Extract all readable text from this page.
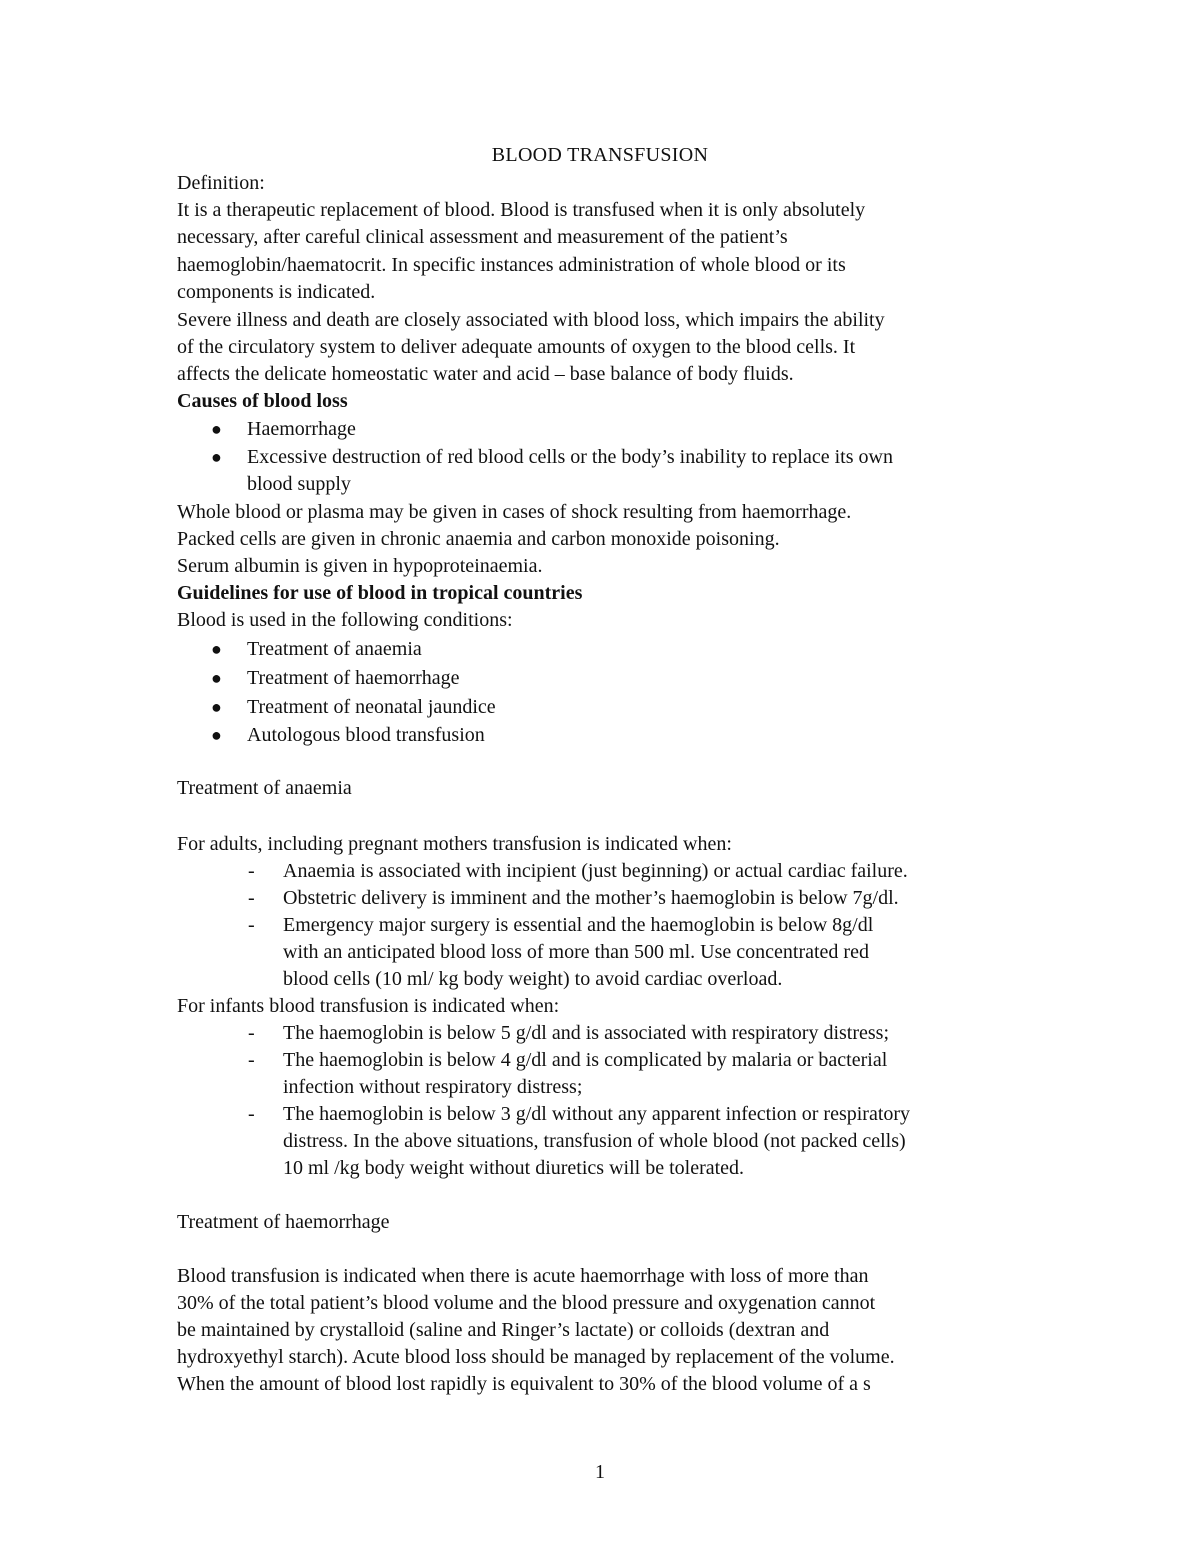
BLOOD TRANSFUSION
Definition:
It is a therapeutic replacement of blood. Blood is transfused when it is only absolutely
necessary, after careful clinical assessment and measurement of the patient’s
haemoglobin/haematocrit. In specific instances administration of whole blood or its
components is indicated.
Severe illness and death are closely associated with blood loss, which impairs the ability
of the circulatory system to deliver adequate amounts of oxygen to the blood cells. It
affects the delicate homeostatic water and acid – base balance of body fluids.
Causes of blood loss
● Haemorrhage
● Excessive destruction of red blood cells or the body’s inability to replace its own
blood supply
Whole blood or plasma may be given in cases of shock resulting from haemorrhage.
Packed cells are given in chronic anaemia and carbon monoxide poisoning.
Serum albumin is given in hypoproteinaemia.
Guidelines for use of blood in tropical countries
Blood is used in the following conditions:
● Treatment of anaemia
● Treatment of haemorrhage
● Treatment of neonatal jaundice
● Autologous blood transfusion
Treatment of anaemia
For adults, including pregnant mothers transfusion is indicated when:
- Anaemia is associated with incipient (just beginning) or actual cardiac failure.
- Obstetric delivery is imminent and the mother’s haemoglobin is below 7g/dl.
- Emergency major surgery is essential and the haemoglobin is below 8g/dl
with an anticipated blood loss of more than 500 ml. Use concentrated red
blood cells (10 ml/ kg body weight) to avoid cardiac overload.
For infants blood transfusion is indicated when:
- The haemoglobin is below 5 g/dl and is associated with respiratory distress;
- The haemoglobin is below 4 g/dl and is complicated by malaria or bacterial
infection without respiratory distress;
- The haemoglobin is below 3 g/dl without any apparent infection or respiratory
distress. In the above situations, transfusion of whole blood (not packed cells)
10 ml /kg body weight without diuretics will be tolerated.
Treatment of haemorrhage
Blood transfusion is indicated when there is acute haemorrhage with loss of more than
30% of the total patient’s blood volume and the blood pressure and oxygenation cannot
be maintained by crystalloid (saline and Ringer’s lactate) or colloids (dextran and
hydroxyethyl starch). Acute blood loss should be managed by replacement of the volume.
When the amount of blood lost rapidly is equivalent to 30% of the blood volume of a s
1
